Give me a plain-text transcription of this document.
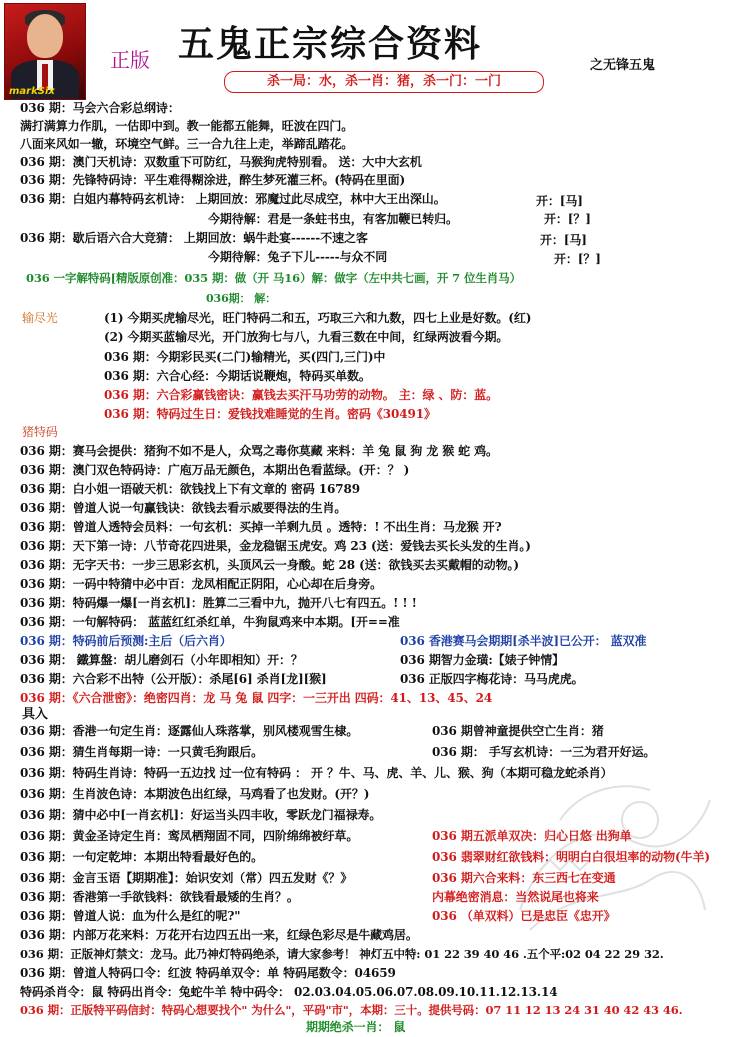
markSix
正版 五鬼正宗综合资料
之无锋五鬼
杀一局：水，杀一肖：猪，杀一门：一门
036 期：马会六合彩总纲诗：
满打满算力作肌，一估即中到。教一能都五能舞，旺波在四门。
八面来风如一辙，环境空气鲜。三一合九往上走，举蹄乱踏花。
036 期：澳门天机诗：双数重下可防红，马猴狗虎特别看。 送：大中大玄机
036 期：先锋特码诗：平生难得糊涂进，醉生梦死灌三杯。(特码在里面)
036 期：白姐内幕特码玄机诗： 上期回放：邪魔过此尽成空，林中大王出深山。	开：[马]
今期待解：君是一条蛀书虫，有客加鞭已转归。	开：[？]
036 期：歇后语六合大竞猜： 上期回放：蜗牛赴宴------不速之客	开：[马]
今期待解：兔子下儿-----与众不同	开：[？]
036 一字解特码[精版原创准：035 期：做（开 马16）解：做字（左中共七画，开 7 位生肖马）
036期： 解：
输尽光	(1) 今期买虎输尽光，旺门特码二和五，巧取三六和九数，四七上业是好数。(红)
(2) 今期买蓝输尽光，开门放狗七与八，九看三数在中间，红绿两波看今期。
036 期：今期彩民买(二门)输精光，买(四门,三门)中
036 期：六合心经：今期话说鞭炮，特码买单数。
036 期：六合彩赢钱密诀：赢钱去买汗马功劳的动物。 主：绿 、防：蓝。
036 期：特码过生日：爱钱找难睡觉的生肖。密码《30491》
猪特码
036 期：赛马会提供：猪狗不如不是人，众骂之毒你莫藏 来料：羊 兔 鼠 狗 龙 猴 蛇 鸡。
036 期：澳门双色特码诗：广庖万品无颜色，本期出色看蓝绿。(开：？ )
036 期：白小姐一语破天机：欲钱找上下有文章的 密码 16789
036 期：曾道人说一句赢钱诀：欲钱去看示威要得法的生肖。
036 期：曾道人透特会员料：一句玄机：买掉一羊剩九员 。透特：! 不出生肖：马龙猴 开?
036 期：天下第一诗：八节奇花四进果，金龙稳锯玉虎安。鸡 23 (送：爱钱去买长头发的生肖。)
036 期：无字天书：一步三思彩玄机，头顶风云一身酸。蛇 28 (送：欲钱买去买戴帽的动物。)
036 期：一码中特猜中必中百：龙凤相配正阴阳，心心却在后身旁。
036 期：特码爆一爆[一肖玄机]：胜算二三看中九，抛开八七有四五。! ! !
036 期：一句解特码： 蓝蓝红红杀红单，牛狗鼠鸡来中本期。[开==准
036 期：特码前后预测:主后（后六肖）	036 香港赛马会期期[杀半波]已公开： 蓝双准
036 期： 鐵算盤：胡儿磨剑石（小年即相知）开：？	036 期智力金璜:【婊子钟情】
036 期：六合彩不出特（公开版）：杀尾[6] 杀肖[龙][猴]	036 正版四字梅花诗：马马虎虎。
036 期：《六合泄密》：绝密四肖：龙 马 兔 鼠 四字：一三开出 四码：41、13、45、24
具入
036 期：香港一句定生肖：逐露仙人珠落掌，别风楼观雪生棣。	036 期曾神童提供空亡生肖：猪
036 期：猜生肖每期一诗：一只黄毛狗跟后。	036 期： 手写玄机诗：一三为君开好运。
036 期：特码生肖诗：特码一五边找 过一位有特码 ： 开 ？牛、马、虎、羊、儿、猴、狗（本期可稳龙蛇杀肖）
036 期：生肖波色诗：本期波色出红绿，马鸡看了也发财。(开？)
036 期：猜中必中[一肖玄机]：好运当头四丰收，零跃龙门福禄寿。
036 期：黄金圣诗定生肖：鸾凤栖翔固不同，四阶绵绵被纡草。	036 期五派单双决：归心日悠 出狗单
036 期：一句定乾坤：本期出特看最好色的。	036 翡翠财红欲钱料：明明白白很坦率的动物(牛羊)
036 期：金言玉语【期期准】：始识安刘（常）四五发财《？》	036 期六合来料：东三西七在变通
036 期：香港第一手欲钱料：欲钱看最矮的生肖？。	内幕绝密消息：当然说尾也将来
036 期：曾道人说：血为什么是红的呢?"	036 （单双料）已是忠臣《忠开》
036 期：内部万花来料：万花开右边四五出一来，红绿色彩尽是牛藏鸡居。
036 期：正版神灯禁文：龙马。此乃神灯特码绝杀，请大家参考！ 神灯五中特: 01 22 39 40 46 .五个平:02 04 22 29 32.
036 期：曾道人特码口令：红波 特码单双令：单 特码尾数令：04659
特码杀肖令：鼠 特码出肖令：兔蛇牛羊 特中码令： 02.03.04.05.06.07.08.09.10.11.12.13.14
036 期：正版特平码信封：特码心想要找个" 为什么"，平码"市"，本期：三十。提供号码：07 11 12 13 24 31 40 42 43 46.
期期绝杀一肖： 鼠
